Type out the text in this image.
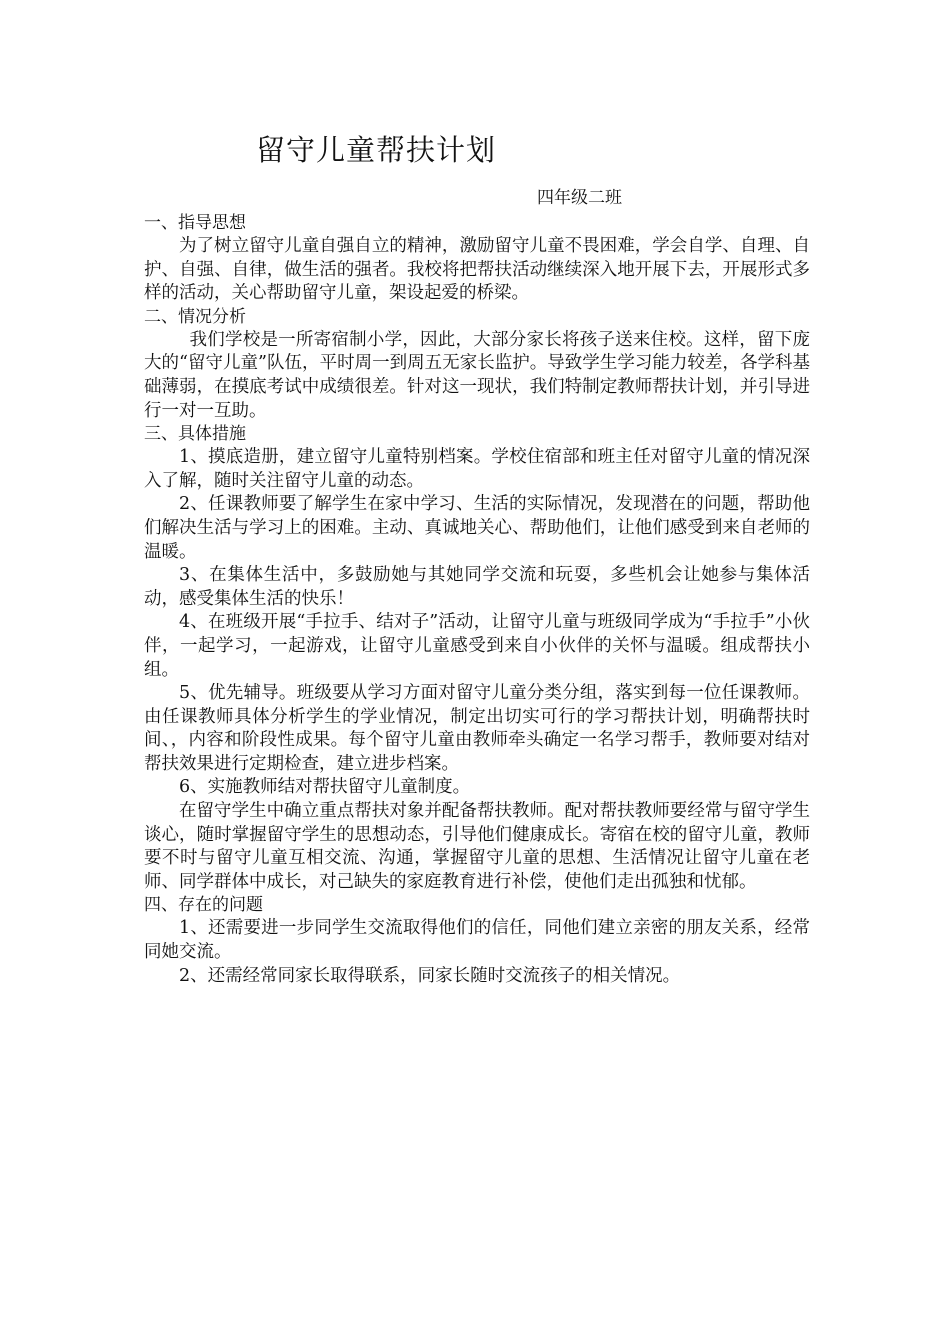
留守儿童帮扶计划
四年级二班
一、指导思想

为了树立留守儿童自强自立的精神，激励留守儿童不畏困难，学会自学、自理、自护、自强、自律，做生活的强者。我校将把帮扶活动继续深入地开展下去，开展形式多样的活动，关心帮助留守儿童，架设起爱的桥梁。

二、情况分析

我们学校是一所寄宿制小学，因此，大部分家长将孩子送来住校。这样，留下庞大的“留守儿童”队伍，平时周一到周五无家长监护。导致学生学习能力较差，各学科基础薄弱，在摸底考试中成绩很差。针对这一现状，我们特制定教师帮扶计划，并引导进行一对一互助。

三、具体措施

1、摸底造册，建立留守儿童特别档案。学校住宿部和班主任对留守儿童的情况深入了解，随时关注留守儿童的动态。

2、任课教师要了解学生在家中学习、生活的实际情况，发现潜在的问题，帮助他们解决生活与学习上的困难。主动、真诚地关心、帮助他们，让他们感受到来自老师的温暖。

3、在集体生活中，多鼓励她与其她同学交流和玩耍，多些机会让她参与集体活动，感受集体生活的快乐！

4、在班级开展“手拉手、结对子”活动，让留守儿童与班级同学成为“手拉手”小伙伴，一起学习，一起游戏，让留守儿童感受到来自小伙伴的关怀与温暖。组成帮扶小组。

5、优先辅导。班级要从学习方面对留守儿童分类分组，落实到每一位任课教师。由任课教师具体分析学生的学业情况，制定出切实可行的学习帮扶计划，明确帮扶时间、，内容和阶段性成果。每个留守儿童由教师牵头确定一名学习帮手，教师要对结对帮扶效果进行定期检查，建立进步档案。

6、实施教师结对帮扶留守儿童制度。

在留守学生中确立重点帮扶对象并配备帮扶教师。配对帮扶教师要经常与留守学生谈心，随时掌握留守学生的思想动态，引导他们健康成长。寄宿在校的留守儿童，教师要不时与留守儿童互相交流、沟通，掌握留守儿童的思想、生活情况让留守儿童在老师、同学群体中成长，对己缺失的家庭教育进行补偿，使他们走出孤独和忧郁。

四、存在的问题

1、还需要进一步同学生交流取得他们的信任，同他们建立亲密的朋友关系，经常同她交流。

2、还需经常同家长取得联系，同家长随时交流孩子的相关情况。
